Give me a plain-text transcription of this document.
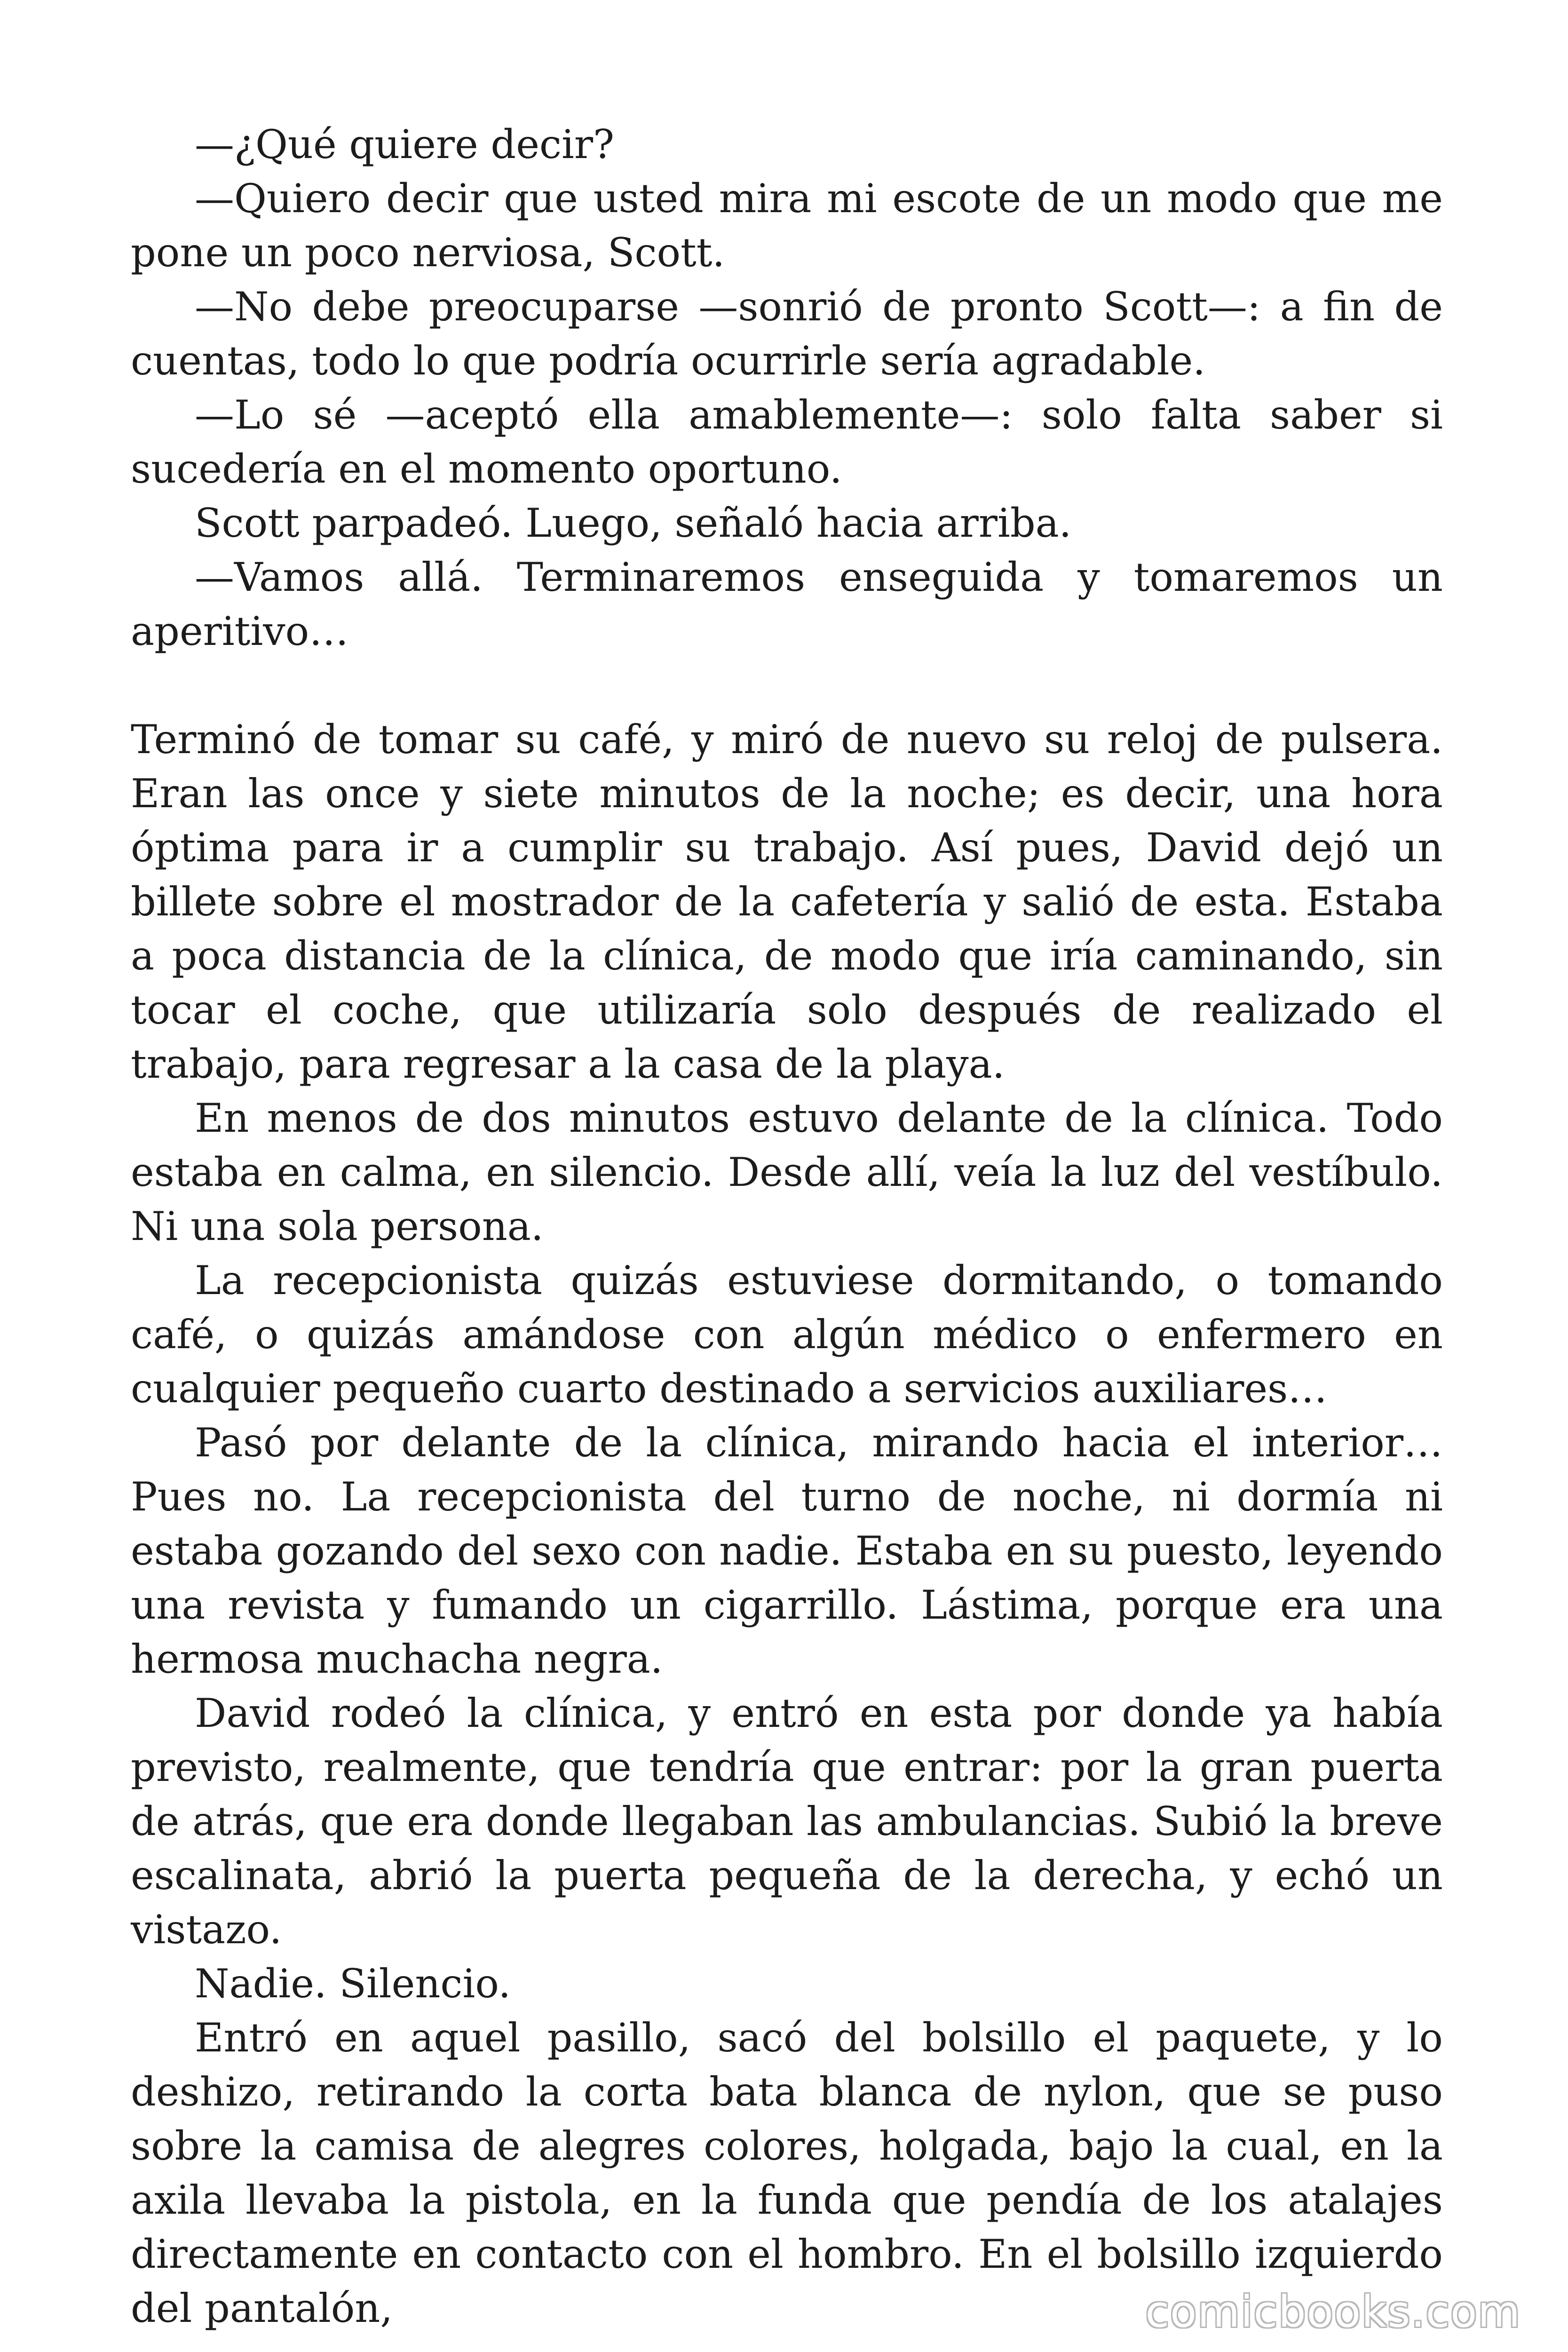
—¿Qué quiere decir?

—Quiero decir que usted mira mi escote de un modo que me pone un poco nerviosa, Scott.

—No debe preocuparse —sonrió de pronto Scott—: a fin de cuentas, todo lo que podría ocurrirle sería agradable.

—Lo sé —aceptó ella amablemente—: solo falta saber si sucedería en el momento oportuno.

Scott parpadeó. Luego, señaló hacia arriba.

—Vamos allá. Terminaremos enseguida y tomaremos un aperitivo…

Terminó de tomar su café, y miró de nuevo su reloj de pulsera. Eran las once y siete minutos de la noche; es decir, una hora óptima para ir a cumplir su trabajo. Así pues, David dejó un billete sobre el mostrador de la cafetería y salió de esta. Estaba a poca distancia de la clínica, de modo que iría caminando, sin tocar el coche, que utilizaría solo después de realizado el trabajo, para regresar a la casa de la playa.

En menos de dos minutos estuvo delante de la clínica. Todo estaba en calma, en silencio. Desde allí, veía la luz del vestíbulo. Ni una sola persona.

La recepcionista quizás estuviese dormitando, o tomando café, o quizás amándose con algún médico o enfermero en cualquier pequeño cuarto destinado a servicios auxiliares…

Pasó por delante de la clínica, mirando hacia el interior… Pues no. La recepcionista del turno de noche, ni dormía ni estaba gozando del sexo con nadie. Estaba en su puesto, leyendo una revista y fumando un cigarrillo. Lástima, porque era una hermosa muchacha negra.

David rodeó la clínica, y entró en esta por donde ya había previsto, realmente, que tendría que entrar: por la gran puerta de atrás, que era donde llegaban las ambulancias. Subió la breve escalinata, abrió la puerta pequeña de la derecha, y echó un vistazo.

Nadie. Silencio.

Entró en aquel pasillo, sacó del bolsillo el paquete, y lo deshizo, retirando la corta bata blanca de nylon, que se puso sobre la camisa de alegres colores, holgada, bajo la cual, en la axila llevaba la pistola, en la funda que pendía de los atalajes directamente en contacto con el hombro. En el bolsillo izquierdo del pantalón,	comicbooks.com
